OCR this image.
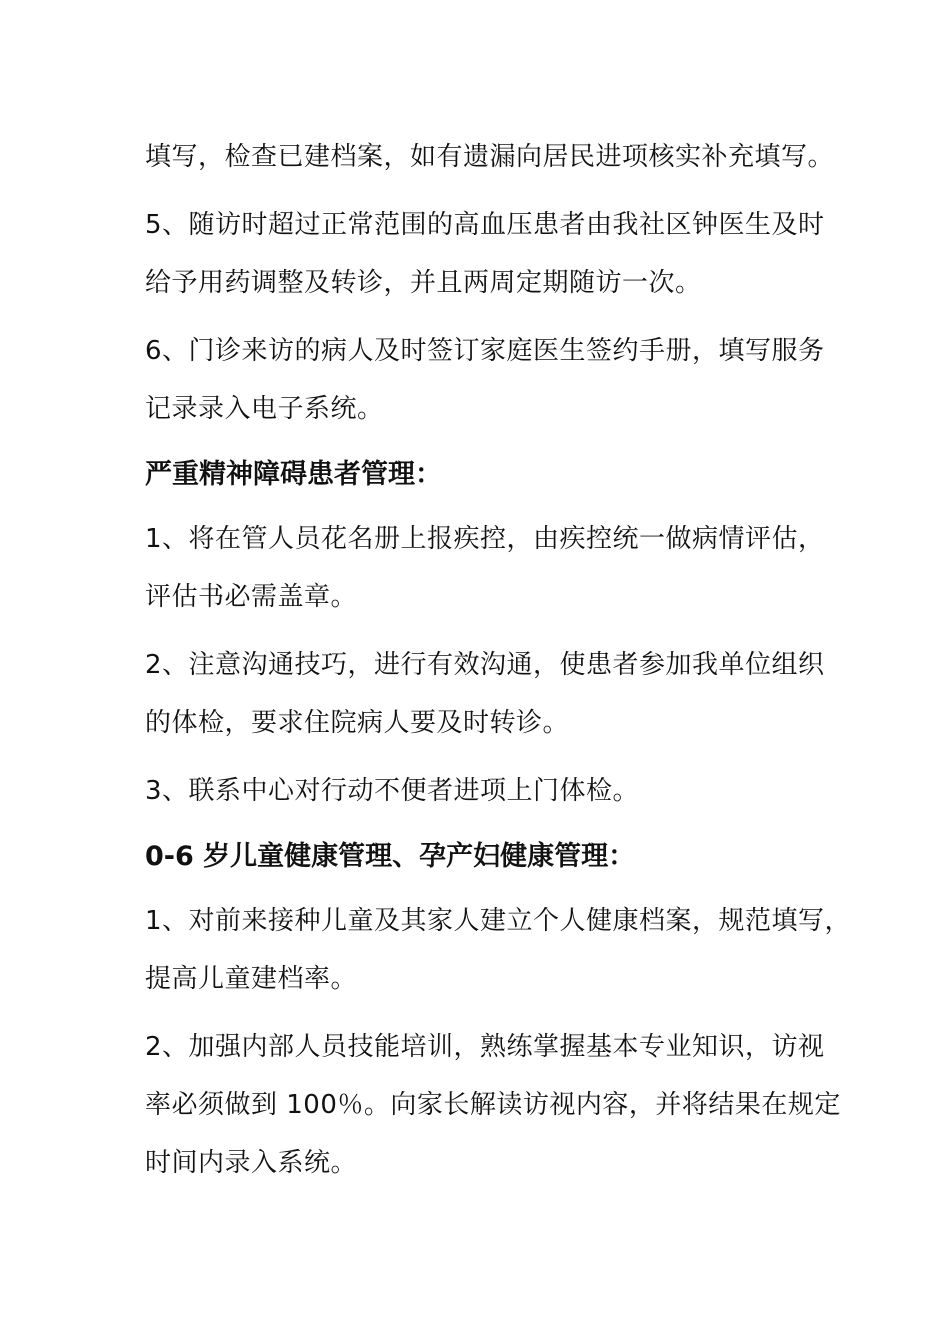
填写，检查已建档案，如有遗漏向居民进项核实补充填写。
5、随访时超过正常范围的高血压患者由我社区钟医生及时
给予用药调整及转诊，并且两周定期随访一次。
6、门诊来访的病人及时签订家庭医生签约手册，填写服务
记录录入电子系统。
严重精神障碍患者管理：
1、将在管人员花名册上报疾控，由疾控统一做病情评估，
评估书必需盖章。
2、注意沟通技巧，进行有效沟通，使患者参加我单位组织
的体检，要求住院病人要及时转诊。
3、联系中心对行动不便者进项上门体检。
0-6 岁儿童健康管理、孕产妇健康管理：
1、对前来接种儿童及其家人建立个人健康档案，规范填写，
提高儿童建档率。
2、加强内部人员技能培训，熟练掌握基本专业知识，访视
率必须做到 100％。向家长解读访视内容，并将结果在规定
时间内录入系统。
